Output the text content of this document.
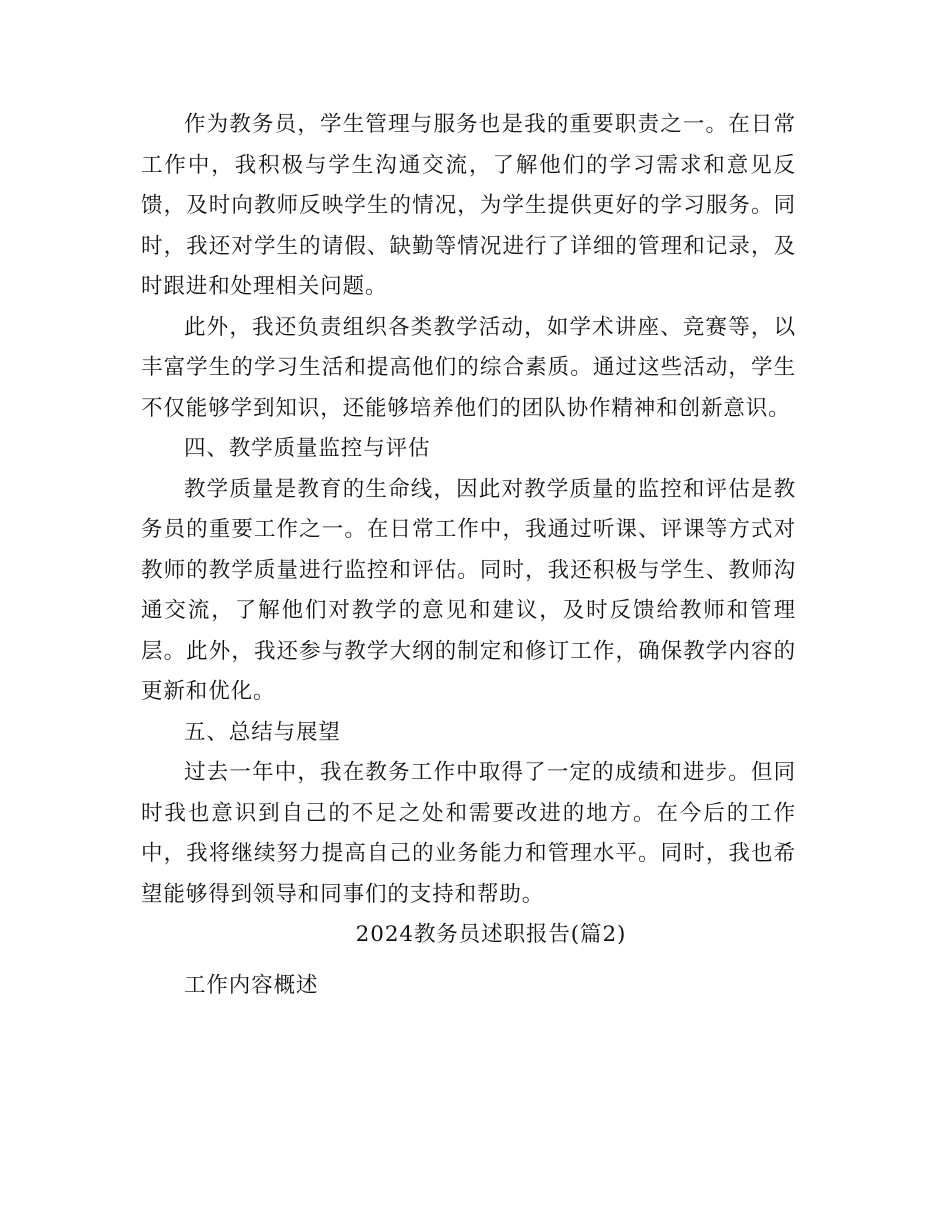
作为教务员，学生管理与服务也是我的重要职责之一。在日常工作中，我积极与学生沟通交流，了解他们的学习需求和意见反馈，及时向教师反映学生的情况，为学生提供更好的学习服务。同时，我还对学生的请假、缺勤等情况进行了详细的管理和记录，及时跟进和处理相关问题。

此外，我还负责组织各类教学活动，如学术讲座、竞赛等，以丰富学生的学习生活和提高他们的综合素质。通过这些活动，学生不仅能够学到知识，还能够培养他们的团队协作精神和创新意识。

四、教学质量监控与评估

教学质量是教育的生命线，因此对教学质量的监控和评估是教务员的重要工作之一。在日常工作中，我通过听课、评课等方式对教师的教学质量进行监控和评估。同时，我还积极与学生、教师沟通交流，了解他们对教学的意见和建议，及时反馈给教师和管理层。此外，我还参与教学大纲的制定和修订工作，确保教学内容的更新和优化。

五、总结与展望

过去一年中，我在教务工作中取得了一定的成绩和进步。但同时我也意识到自己的不足之处和需要改进的地方。在今后的工作中，我将继续努力提高自己的业务能力和管理水平。同时，我也希望能够得到领导和同事们的支持和帮助。

2024教务员述职报告(篇2)

工作内容概述
